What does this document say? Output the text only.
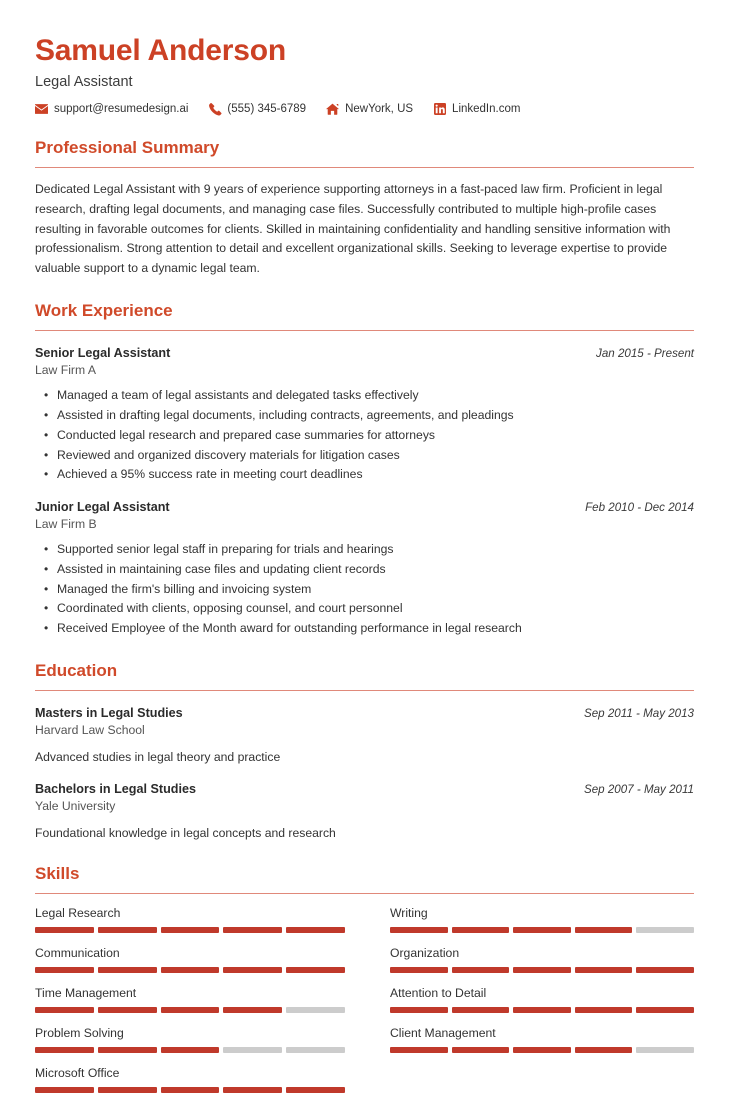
Samuel Anderson
Legal Assistant
support@resumedesign.ai	(555) 345-6789	NewYork, US	LinkedIn.com
Professional Summary
Dedicated Legal Assistant with 9 years of experience supporting attorneys in a fast-paced law firm. Proficient in legal research, drafting legal documents, and managing case files. Successfully contributed to multiple high-profile cases resulting in favorable outcomes for clients. Skilled in maintaining confidentiality and handling sensitive information with professionalism. Strong attention to detail and excellent organizational skills. Seeking to leverage expertise to provide valuable support to a dynamic legal team.
Work Experience
Senior Legal Assistant	Jan 2015 - Present
Law Firm A
• Managed a team of legal assistants and delegated tasks effectively
• Assisted in drafting legal documents, including contracts, agreements, and pleadings
• Conducted legal research and prepared case summaries for attorneys
• Reviewed and organized discovery materials for litigation cases
• Achieved a 95% success rate in meeting court deadlines
Junior Legal Assistant	Feb 2010 - Dec 2014
Law Firm B
• Supported senior legal staff in preparing for trials and hearings
• Assisted in maintaining case files and updating client records
• Managed the firm's billing and invoicing system
• Coordinated with clients, opposing counsel, and court personnel
• Received Employee of the Month award for outstanding performance in legal research
Education
Masters in Legal Studies	Sep 2011 - May 2013
Harvard Law School
Advanced studies in legal theory and practice
Bachelors in Legal Studies	Sep 2007 - May 2011
Yale University
Foundational knowledge in legal concepts and research
Skills
Legal Research	Writing
Communication	Organization
Time Management	Attention to Detail
Problem Solving	Client Management
Microsoft Office
